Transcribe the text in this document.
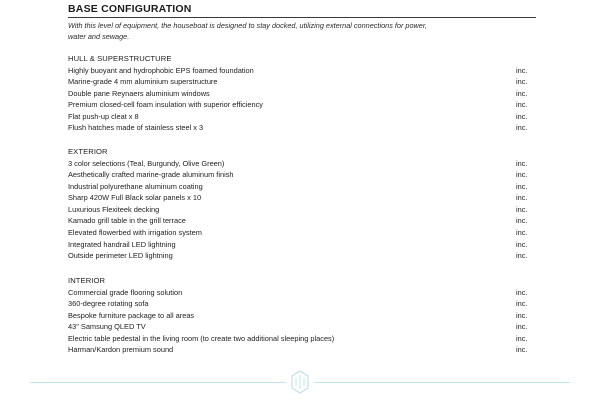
BASE CONFIGURATION
With this level of equipment, the houseboat is designed to stay docked, utilizing external connections for power, water and sewage.
HULL & SUPERSTRUCTURE
Highly buoyant and hydrophobic EPS foamed foundation	inc.
Marine-grade 4 mm aluminium superstructure	inc.
Double pane Reynaers aluminium windows	inc.
Premium closed-cell foam insulation with superior efficiency	inc.
Flat push-up cleat x 8	inc.
Flush hatches made of stainless steel x 3	inc.
EXTERIOR
3 color selections (Teal, Burgundy, Olive Green)	inc.
Aesthetically crafted marine-grade aluminum finish	inc.
Industrial polyurethane aluminum coating	inc.
Sharp 420W Full Black solar panels x 10	inc.
Luxurious Flexiteek decking	inc.
Kamado grill table in the grill terrace	inc.
Elevated flowerbed with irrigation system	inc.
Integrated handrail LED lightning	inc.
Outside perimeter LED lightning	inc.
INTERIOR
Commercial grade flooring solution	inc.
360-degree rotating sofa	inc.
Bespoke furniture package to all areas	inc.
43" Samsung QLED TV	inc.
Electric table pedestal in the living room (to create two additional sleeping places)	inc.
Harman/Kardon premium sound	inc.
